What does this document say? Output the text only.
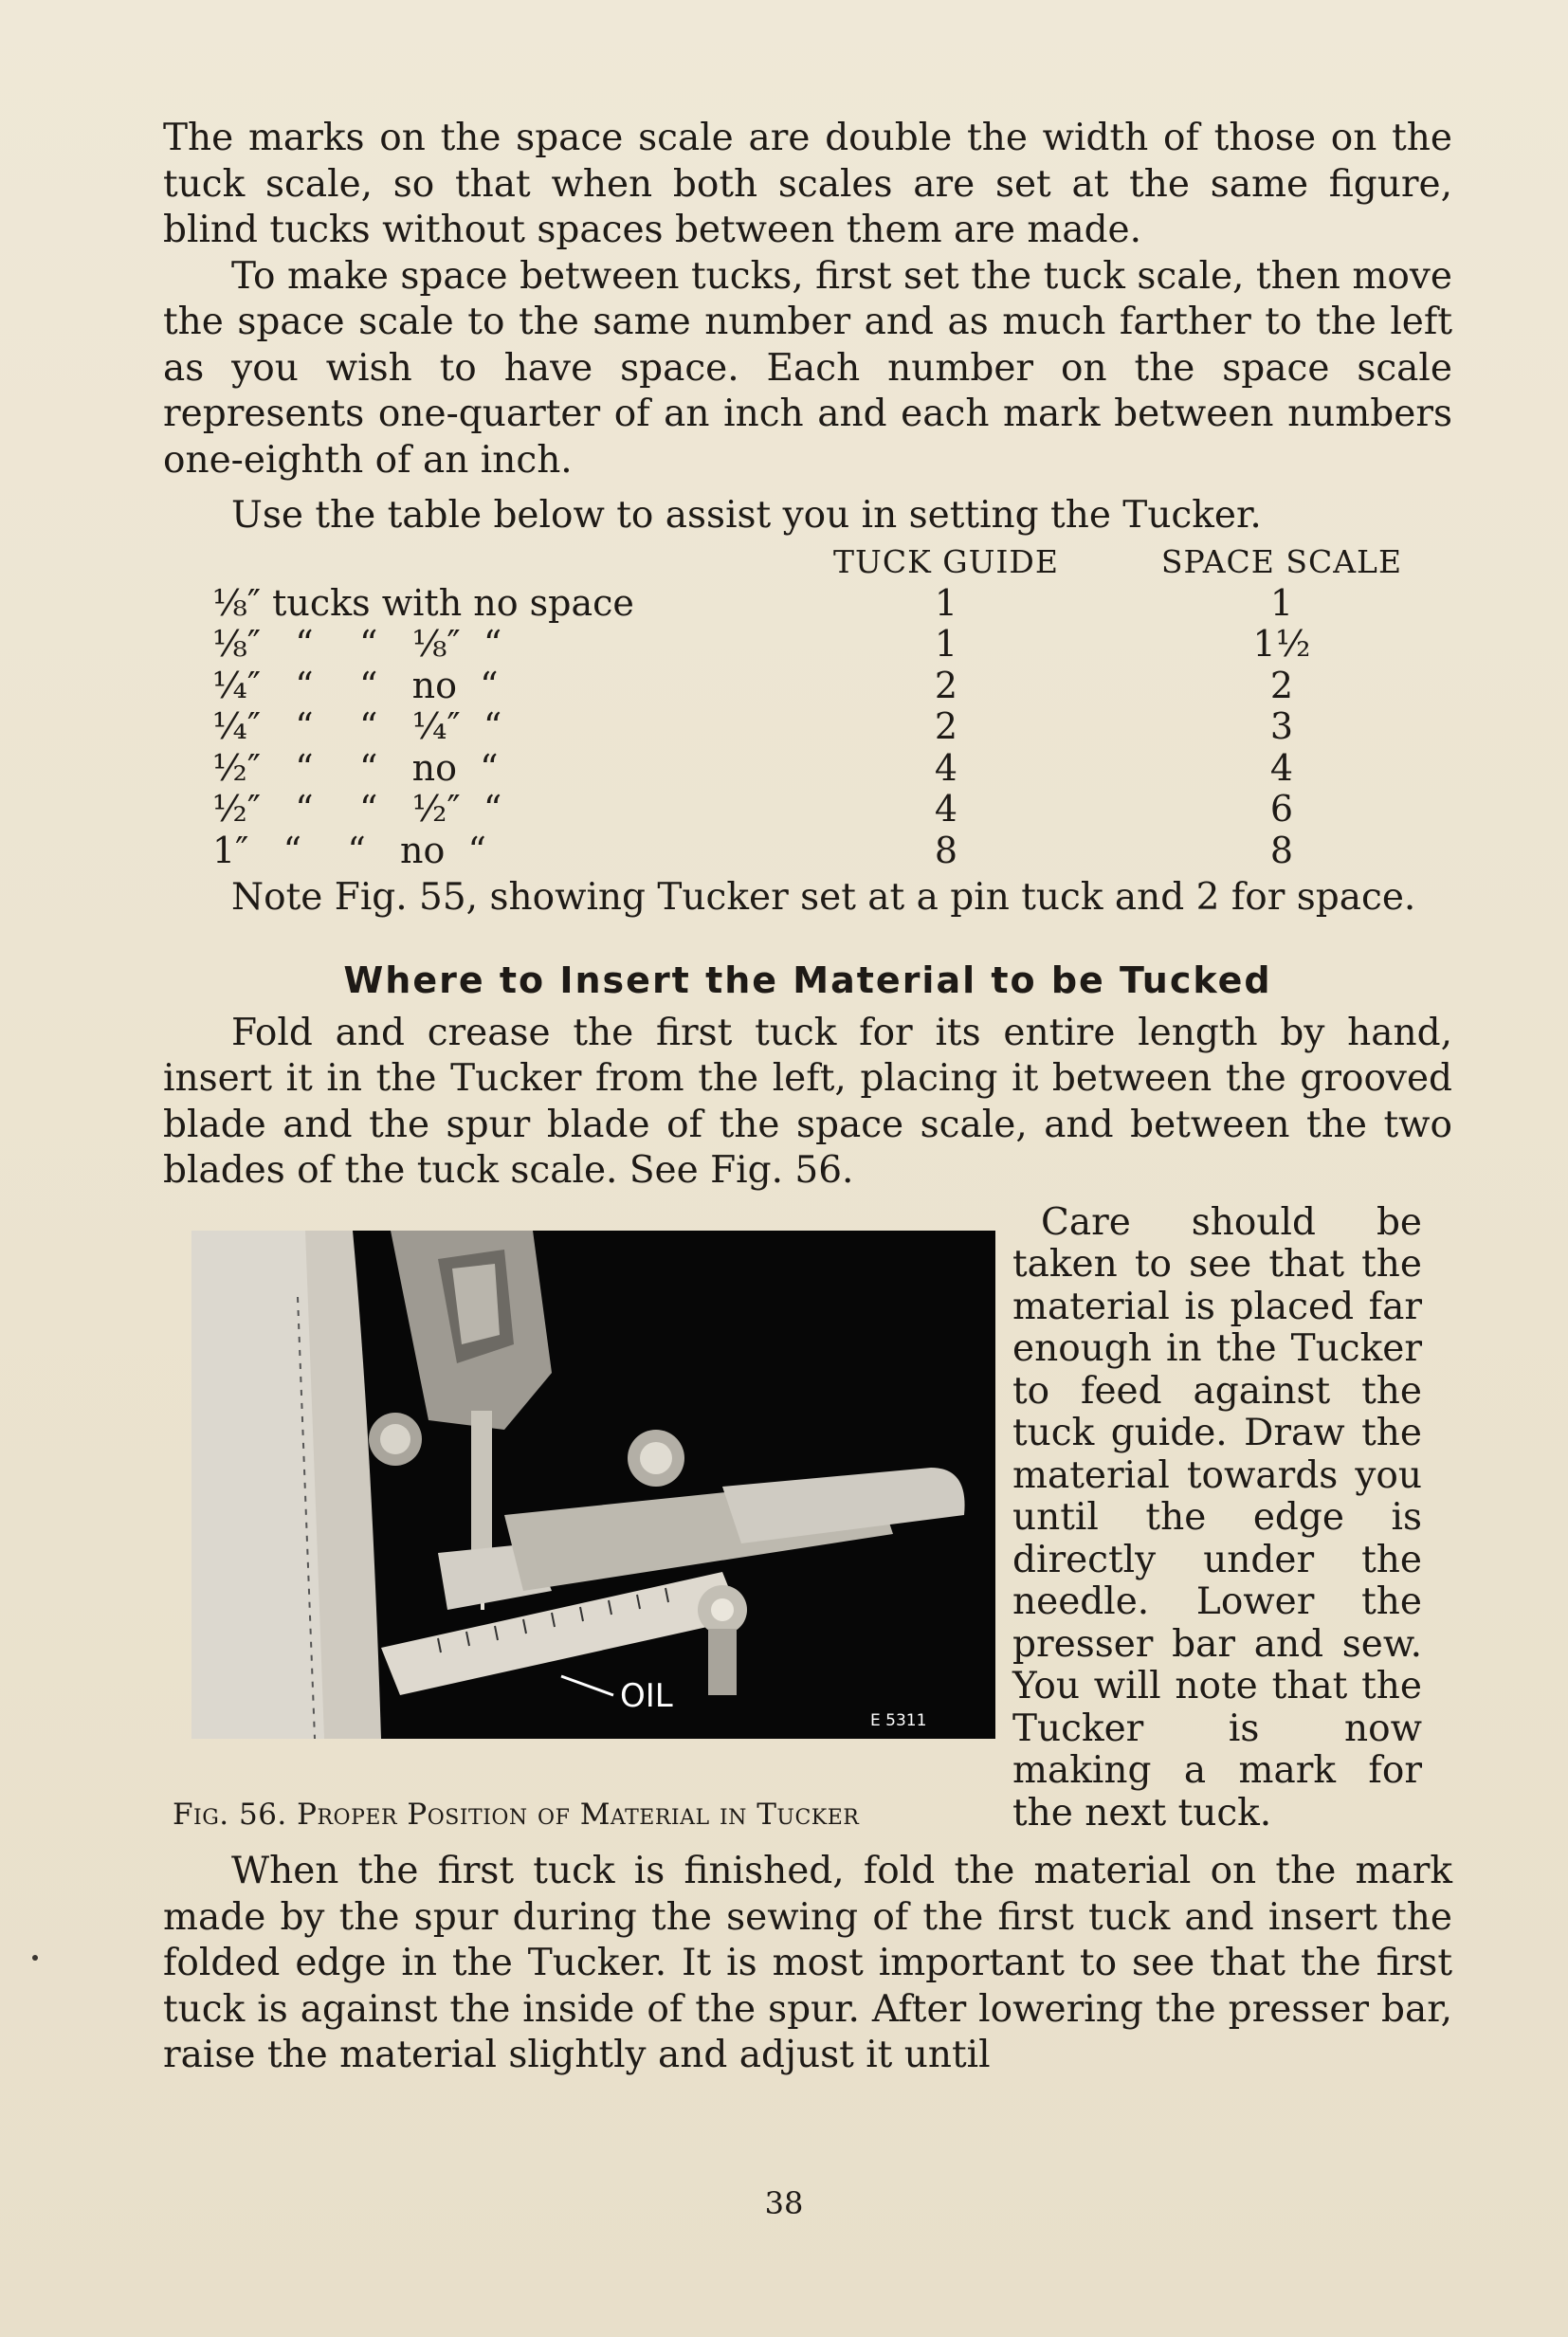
The marks on the space scale are double the width of those on the tuck scale, so that when both scales are set at the same figure, blind tucks without spaces between them are made.

To make space between tucks, first set the tuck scale, then move the space scale to the same number and as much farther to the left as you wish to have space. Each number on the space scale represents one-quarter of an inch and each mark between numbers one-eighth of an inch.

Use the table below to assist you in setting the Tucker.

	TUCK GUIDE	SPACE SCALE
⅛″ tucks with no space	1	1
⅛″   “    “   ⅛″  “	1	1½
¼″   “    “   no  “	2	2
¼″   “    “   ¼″  “	2	3
½″   “    “   no  “	4	4
½″   “    “   ½″  “	4	6
1″   “    “   no  “	8	8

Note Fig. 55, showing Tucker set at a pin tuck and 2 for space.

Where to Insert the Material to be Tucked

Fold and crease the first tuck for its entire length by hand, insert it in the Tucker from the left, placing it between the grooved blade and the spur blade of the space scale, and between the two blades of the tuck scale. See Fig. 56.

OIL
E 5311
Fig. 56. Proper Position of Material in Tucker

Care should be taken to see that the material is placed far enough in the Tucker to feed against the tuck guide. Draw the material towards you until the edge is directly under the needle. Lower the presser bar and sew. You will note that the Tucker is now making a mark for the next tuck.

When the first tuck is finished, fold the material on the mark made by the spur during the sewing of the first tuck and insert the folded edge in the Tucker. It is most important to see that the first tuck is against the inside of the spur. After lowering the presser bar, raise the material slightly and adjust it until

38
